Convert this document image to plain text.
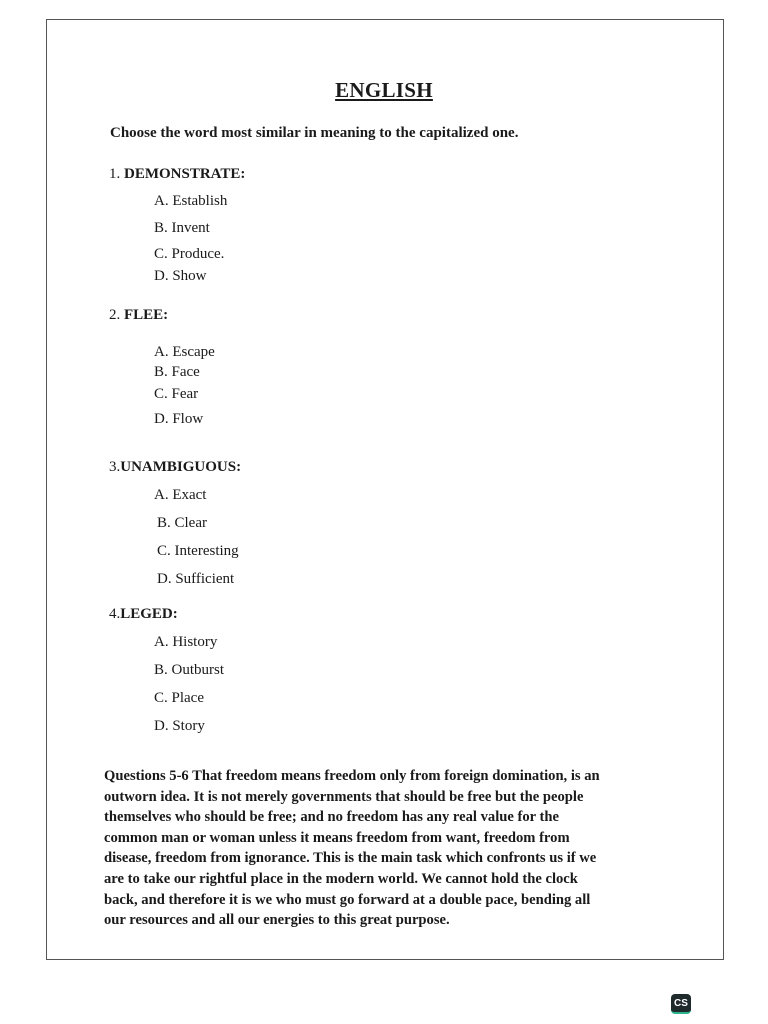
ENGLISH
Choose the word most similar in meaning to the capitalized one.
1. DEMONSTRATE:
A. Establish
B. Invent
C. Produce.
D. Show
2. FLEE:
A. Escape
B. Face
C. Fear
D. Flow
3.UNAMBIGUOUS:
A. Exact
B. Clear
C. Interesting
D. Sufficient
4.LEGED:
A. History
B. Outburst
C. Place
D. Story
Questions 5-6 That freedom means freedom only from foreign domination, is an
outworn idea. It is not merely governments that should be free but the people
themselves who should be free; and no freedom has any real value for the
common man or woman unless it means freedom from want, freedom from
disease, freedom from ignorance. This is the main task which confronts us if we
are to take our rightful place in the modern world. We cannot hold the clock
back, and therefore it is we who must go forward at a double pace, bending all
our resources and all our energies to this great purpose.
CS
